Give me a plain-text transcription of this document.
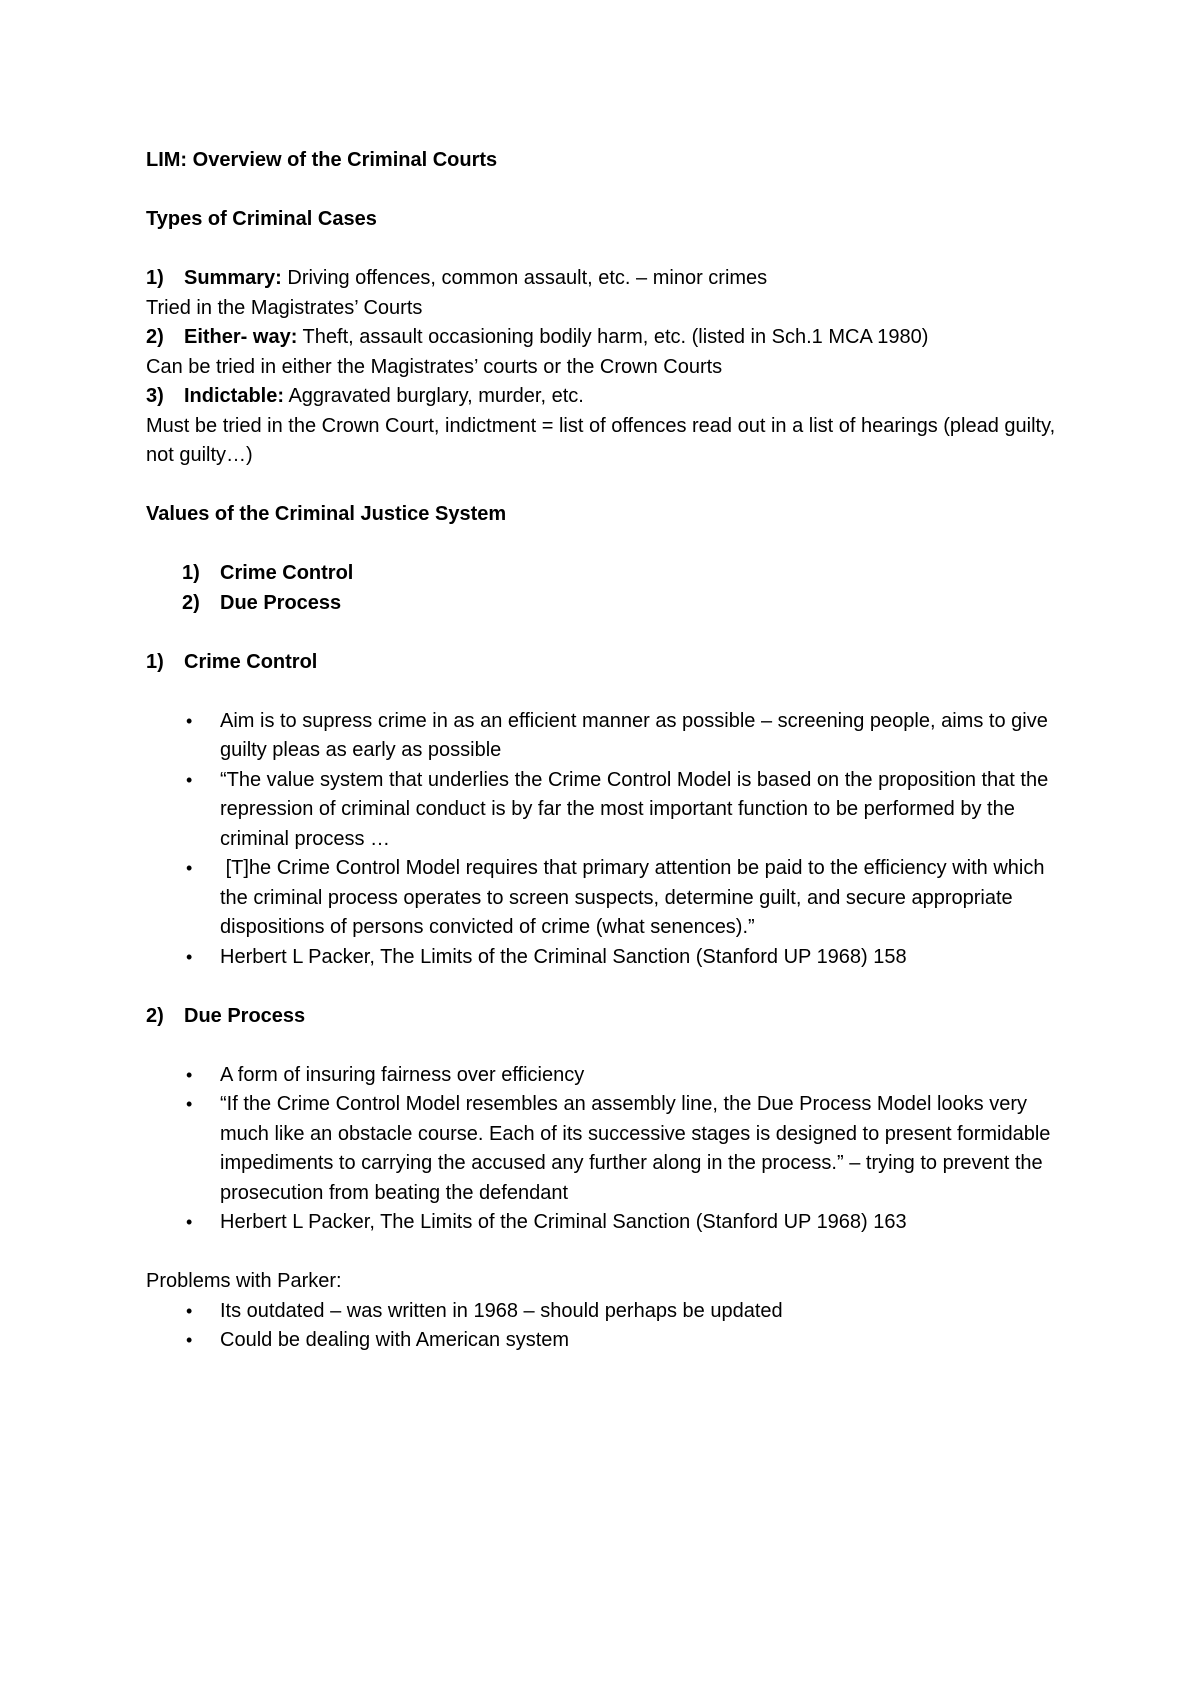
LIM: Overview of the Criminal Courts

Types of Criminal Cases

1)	Summary: Driving offences, common assault, etc. – minor crimes

Tried in the Magistrates’ Courts

2)	Either- way: Theft, assault occasioning bodily harm, etc. (listed in Sch.1 MCA 1980)

Can be tried in either the Magistrates’ courts or the Crown Courts

3)	Indictable: Aggravated burglary, murder, etc.

Must be tried in the Crown Court, indictment = list of offences read out in a list of hearings (plead guilty, not guilty…)

Values of the Criminal Justice System

1)	Crime Control
2)	Due Process

1)	Crime Control

•	Aim is to supress crime in as an efficient manner as possible – screening people, aims to give guilty pleas as early as possible
•	“The value system that underlies the Crime Control Model is based on the proposition that the repression of criminal conduct is by far the most important function to be performed by the criminal process …
•	[T]he Crime Control Model requires that primary attention be paid to the efficiency with which the criminal process operates to screen suspects, determine guilt, and secure appropriate dispositions of persons convicted of crime (what senences).”
•	Herbert L Packer, The Limits of the Criminal Sanction (Stanford UP 1968) 158

2)	Due Process

•	A form of insuring fairness over efficiency
•	“If the Crime Control Model resembles an assembly line, the Due Process Model looks very much like an obstacle course. Each of its successive stages is designed to present formidable impediments to carrying the accused any further along in the process.” – trying to prevent the prosecution from beating the defendant
•	Herbert L Packer, The Limits of the Criminal Sanction (Stanford UP 1968) 163

Problems with Parker:

•	Its outdated – was written in 1968 – should perhaps be updated
•	Could be dealing with American system
